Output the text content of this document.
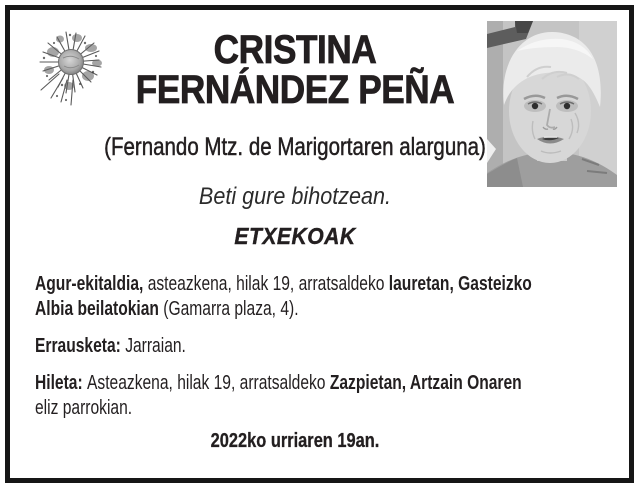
CRISTINA
FERNÁNDEZ PEÑA
(Fernando Mtz. de Marigortaren alarguna)
Beti gure bihotzean.
ETXEKOAK
Agur-ekitaldia, asteazkena, hilak 19, arratsaldeko lauretan, Gasteizko
Albia beilatokian (Gamarra plaza, 4).
Errausketa: Jarraian.
Hileta: Asteazkena, hilak 19, arratsaldeko Zazpietan, Artzain Onaren
eliz parrokian.
2022ko urriaren 19an.
